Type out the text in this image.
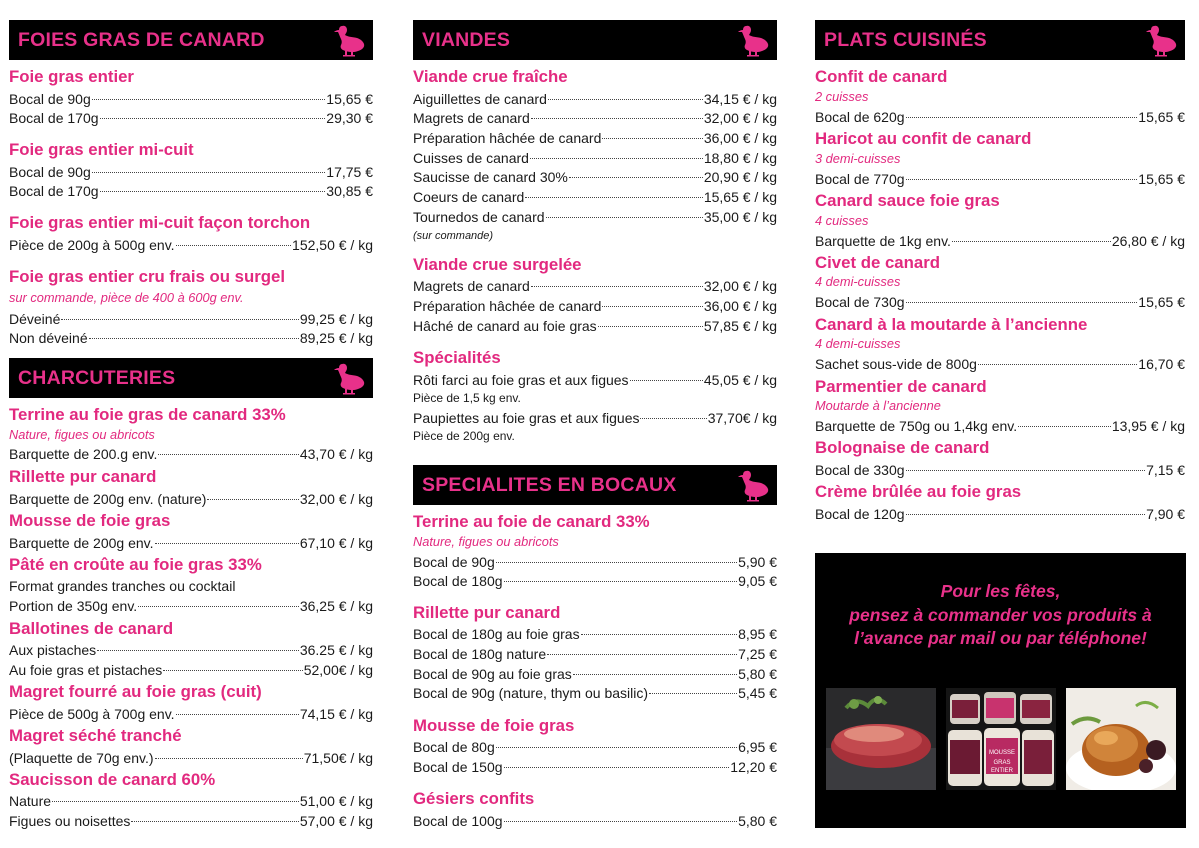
FOIES GRAS DE CANARD
Foie gras entier
Bocal de 90g	15,65 €
Bocal de 170g	29,30 €
Foie gras entier mi-cuit
Bocal de 90g	17,75 €
Bocal de 170g	30,85 €
Foie gras entier mi-cuit façon torchon
Pièce de 200g à 500g env.	152,50 € / kg
Foie gras entier cru frais ou surgel
sur commande, pièce de 400 à 600g env.
Déveiné	99,25 € / kg
Non déveiné	89,25 € / kg
CHARCUTERIES
Terrine au foie gras de canard 33%
Nature, figues ou abricots
Barquette de 200.g env.	43,70 € / kg
Rillette pur canard
Barquette de 200g env. (nature)	32,00 € / kg
Mousse de foie gras
Barquette de 200g env.	67,10 € / kg
Pâté en croûte au foie gras 33%
Format grandes tranches ou cocktail
Portion de 350g env.	36,25 € / kg
Ballotines de canard
Aux pistaches	36.25 € / kg
Au foie gras et pistaches	52,00€ / kg
Magret fourré au foie gras (cuit)
Pièce de 500g à 700g env.	74,15 € / kg
Magret séché tranché
(Plaquette de 70g env.)	71,50€ / kg
Saucisson de canard 60%
Nature	51,00 € / kg
Figues ou noisettes	57,00 € / kg
VIANDES
Viande crue fraîche
Aiguillettes de canard	34,15 € / kg
Magrets de canard	32,00 € / kg
Préparation hâchée de canard	36,00 € / kg
Cuisses de canard	18,80 € / kg
Saucisse de canard 30%	20,90 € / kg
Coeurs de canard	15,65 € / kg
Tournedos de canard	35,00 € / kg
(sur commande)
Viande crue surgelée
Magrets de canard	32,00 € / kg
Préparation hâchée de canard	36,00 € / kg
Hâché de canard au foie gras	57,85 € / kg
Spécialités
Rôti farci au foie gras et aux figues	45,05 € / kg
Pièce de 1,5 kg env.
Paupiettes au foie gras et aux figues	37,70€ / kg
Pièce de 200g env.
SPECIALITES EN BOCAUX
Terrine au foie de canard 33%
Nature, figues ou abricots
Bocal de 90g	5,90 €
Bocal de 180g	9,05 €
Rillette pur canard
Bocal de 180g au foie gras	8,95 €
Bocal de 180g nature	7,25 €
Bocal de 90g au foie gras	5,80 €
Bocal de 90g (nature, thym ou basilic)	5,45 €
Mousse de foie gras
Bocal de 80g	6,95 €
Bocal de 150g	12,20 €
Gésiers confits
Bocal de 100g	5,80 €
PLATS CUISINÉS
Confit de canard
2 cuisses
Bocal de 620g	15,65 €
Haricot au confit de canard
3 demi-cuisses
Bocal de 770g	15,65 €
Canard sauce foie gras
4 cuisses
Barquette de 1kg env.	26,80 € / kg
Civet de canard
4 demi-cuisses
Bocal de 730g	15,65 €
Canard à la moutarde à l’ancienne
4 demi-cuisses
Sachet sous-vide de 800g	16,70 €
Parmentier de canard
Moutarde à l’ancienne
Barquette de 750g ou 1,4kg env.	13,95 € / kg
Bolognaise de canard
Bocal de 330g	7,15 €
Crème brûlée au foie gras
Bocal de 120g	7,90 €
Pour les fêtes,
pensez à commander vos produits à
l’avance par mail ou par téléphone!
MOUSSE
GRAS
ENTIER
